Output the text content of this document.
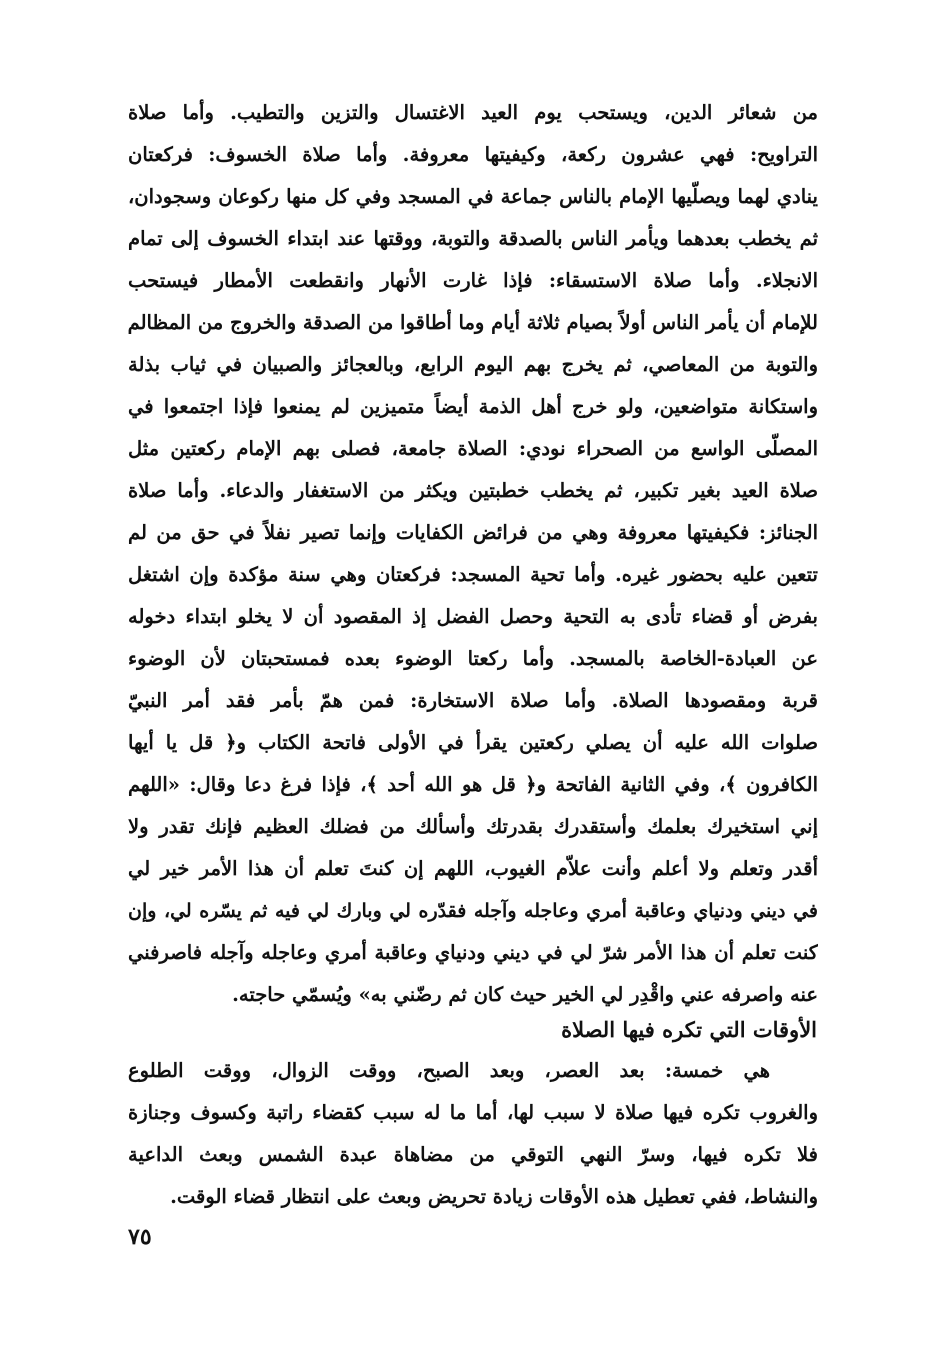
من شعائر الدين، ويستحب يوم العيد الاغتسال والتزين والتطيب. وأما صلاة
التراويح: فهي عشرون ركعة، وكيفيتها معروفة. وأما صلاة الخسوف: فركعتان
ينادي لهما ويصلّيها الإمام بالناس جماعة في المسجد وفي كل منها ركوعان وسجودان،
ثم يخطب بعدهما ويأمر الناس بالصدقة والتوبة، ووقتها عند ابتداء الخسوف إلى تمام
الانجلاء. وأما صلاة الاستسقاء: فإذا غارت الأنهار وانقطعت الأمطار فيستحب
للإمام أن يأمر الناس أولاً بصيام ثلاثة أيام وما أطاقوا من الصدقة والخروج من المظالم
والتوبة من المعاصي، ثم يخرج بهم اليوم الرابع، وبالعجائز والصبيان في ثياب بذلة
واستكانة متواضعين، ولو خرج أهل الذمة أيضاً متميزين لم يمنعوا فإذا اجتمعوا في
المصلّى الواسع من الصحراء نودي: الصلاة جامعة، فصلى بهم الإمام ركعتين مثل
صلاة العيد بغير تكبير، ثم يخطب خطبتين ويكثر من الاستغفار والدعاء. وأما صلاة
الجنائز: فكيفيتها معروفة وهي من فرائض الكفايات وإنما تصير نفلاً في حق من لم
تتعين عليه بحضور غيره. وأما تحية المسجد: فركعتان وهي سنة مؤكدة وإن اشتغل
بفرض أو قضاء تأدى به التحية وحصل الفضل إذ المقصود أن لا يخلو ابتداء دخوله
عن العبادة-الخاصة بالمسجد. وأما ركعتا الوضوء بعده فمستحبتان لأن الوضوء
قربة ومقصودها الصلاة. وأما صلاة الاستخارة: فمن همّ بأمر فقد أمر النبيّ
صلوات الله عليه أن يصلي ركعتين يقرأ في الأولى فاتحة الكتاب و﴿ قل يا أيها
الكافرون ﴾، وفي الثانية الفاتحة و﴿ قل هو الله أحد ﴾، فإذا فرغ دعا وقال: «اللهم
إني استخيرك بعلمك وأستقدرك بقدرتك وأسألك من فضلك العظيم فإنك تقدر ولا
أقدر وتعلم ولا أعلم وأنت علاّم الغيوب، اللهم إن كنتَ تعلم أن هذا الأمر خير لي
في ديني ودنياي وعاقبة أمري وعاجله وآجله فقدّره لي وبارك لي فيه ثم يسّره لي، وإن
كنت تعلم أن هذا الأمر شرّ لي في ديني ودنياي وعاقبة أمري وعاجله وآجله فاصرفني
عنه واصرفه عني واقْدِر لي الخير حيث كان ثم رضّني به» ويُسمّي حاجته.
الأوقات التي تكره فيها الصلاة
هي خمسة: بعد العصر، وبعد الصبح، ووقت الزوال، ووقت الطلوع
والغروب تكره فيها صلاة لا سبب لها، أما ما له سبب كقضاء راتبة وكسوف وجنازة
فلا تكره فيها، وسرّ النهي التوقي من مضاهاة عبدة الشمس وبعث الداعية
والنشاط، ففي تعطيل هذه الأوقات زيادة تحريض وبعث على انتظار قضاء الوقت.
٧٥
